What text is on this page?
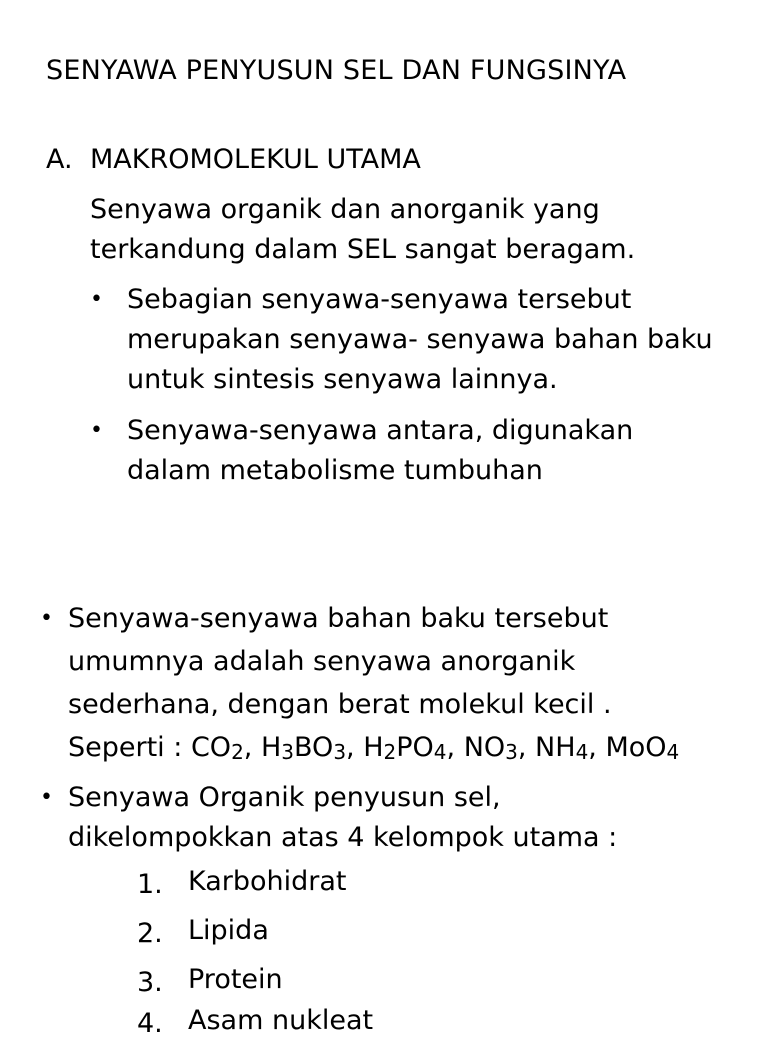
SENYAWA PENYUSUN SEL DAN FUNGSINYA
A. MAKROMOLEKUL UTAMA
Senyawa organik dan anorganik yang
terkandung dalam SEL sangat beragam.
• Sebagian senyawa-senyawa tersebut
merupakan senyawa- senyawa bahan baku
untuk sintesis senyawa lainnya.
• Senyawa-senyawa antara, digunakan
dalam metabolisme tumbuhan
• Senyawa-senyawa bahan baku tersebut
umumnya adalah senyawa anorganik
sederhana, dengan berat molekul kecil .
Seperti : $CO_2$, $H_3BO_3$, $H_2PO_4$, $NO_3$, $NH_4$, MoO$_4$
• Senyawa Organik penyusun sel,
dikelompokkan atas 4 kelompok utama :
1. Karbohidrat
2. Lipida
3. Protein
4. Asam nukleat
